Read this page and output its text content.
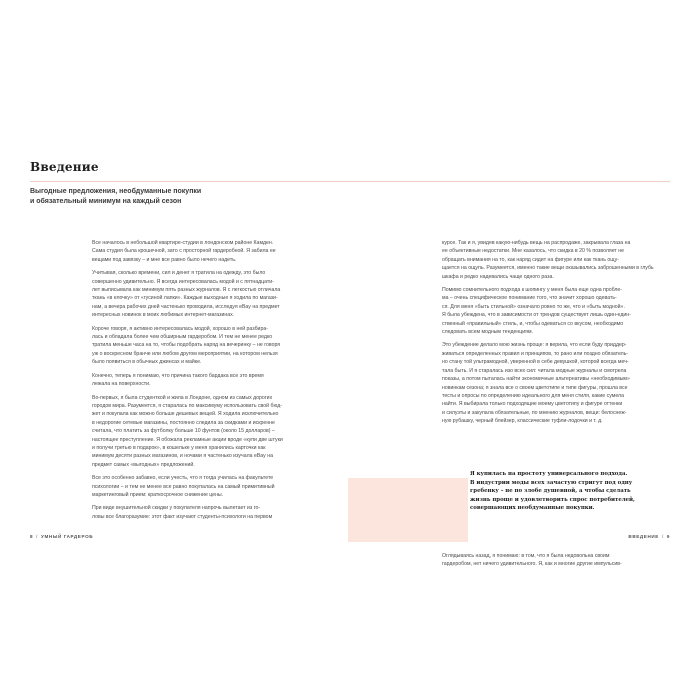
Введение
Выгодные предложения, необдуманные покупки
и обязательный минимум на каждый сезон

Все началось в небольшой квартире-студии в лондонском районе Камден.
Сама студия была крошечной, зато с просторной гардеробной. Я забила ее
вещами под завязку – и мне все равно было нечего надеть.

Учитывая, сколько времени, сил и денег я тратила на одежду, это было
совершенно удивительно. Я всегда интересовалась модой и с пятнадцати-
лет выписывала как минимум пять разных журналов. Я с легкостью отличала
ткань «в елочку» от «гусиной лапки». Каждые выходные я ходила по магази-
нам, а вечера рабочих дней частенько проводила, исследуя eBay на предмет
интересных новинок в моих любимых интернет-магазинах.

Короче говоря, я активно интересовалась модой, хорошо в ней разбира-
лась и обладала более чем обширным гардеробом. И тем не менее редко
тратила меньше часа на то, чтобы подобрать наряд на вечеринку – не говоря
уж о воскресном бранче или любом другом мероприятии, на котором нельзя
было появиться в обычных джинсах и майке.

Конечно, теперь я понимаю, что причина такого бардака все это время
лежала на поверхности.

Во-первых, я была студенткой и жила в Лондоне, одном из самых дорогих
городов мира. Разумеется, я старалась по максимуму использовать свой бюд-
жет и покупала как можно больше дешевых вещей. Я ходила исключительно
в недорогие сетевые магазины, постоянно следила за скидками и искренне
считала, что платить за футболку больше 10 фунтов (около 15 долларов) –
настоящее преступление. Я обожала рекламные акции вроде «купи две штуки
и получи третью в подарок», в кошельке у меня хранились карточки как
минимум десяти разных магазинов, и ночами я частенько изучала eBay на
предмет самых «выгодных» предложений.

Все это особенно забавно, если учесть, что я тогда училась на факультете
психологии – и тем не менее все равно покупалась на самый примитивный
маркетинговый прием: краткосрочное снижение цены.

При виде внушительной скидки у покупателя напрочь вылетает из го-
ловы все благоразумие: этот факт изучают студенты-психологи на первом

курсе. Так и я, увидев какую-нибудь вещь на распродаже, закрывала глаза на
ее объективные недостатки. Мне казалось, что скидка в 20 % позволяет не
обращать внимания на то, как наряд сидит на фигуре или как ткань ощу-
щается на ощупь. Разумеется, именно такие вещи оказывались заброшенными в глубь
шкафа и редко надевались чаще одного раза.

Помимо сомнительного подхода к шопингу у меня была еще одна пробле-
ма – очень специфическое понимание того, что значит хорошо одевать-
ся. Для меня «быть стильной» означало ровно то же, что и «быть модной».
Я была убеждена, что в зависимости от трендов существует лишь один-един-
ственный «правильный» стиль, и, чтобы одеваться со вкусом, необходимо
следовать всем модным тенденциям.

Это убеждение делало мою жизнь проще: я верила, что если буду приддер-
живаться определенных правил и принципов, то рано или поздно обязатель-
но стану той ультрамодной, уверенной в себе девушкой, которой всегда меч-
тала быть. И я старалась изо всех сил: читала модные журналы и смотрела
показы, а потом пыталась найти экономичные альтернативы «необходимым»
новинкам сезона; я знала все о своем цветотипе и типе фигуры, прошла все
тесты и опросы по определению идеального для меня стиля, какие сумела
найти. Я выбирала только подходящие моему цветотипу и фигуре оттенки
и силуэты и закупала обязательные, по мнению журналов, вещи: белоснеж-
ную рубашку, черный блейзер, классические туфли-лодочки и т. д.

Я купилась на простоту универсального подхода.
В индустрии моды всех зачастую стригут под одну
гребенку – не по злобе душевной, а чтобы сделать
жизнь проще и удовлетворить спрос потребителей,
совершающих необдуманные покупки.

Оглядываясь назад, я понимаю: в том, что я была недовольна своим
гардеробом, нет ничего удивительного. Я, как и многие другие импульсив-

8 / УМНЫЙ ГАРДЕРОБ	ВВЕДЕНИЕ / 9
